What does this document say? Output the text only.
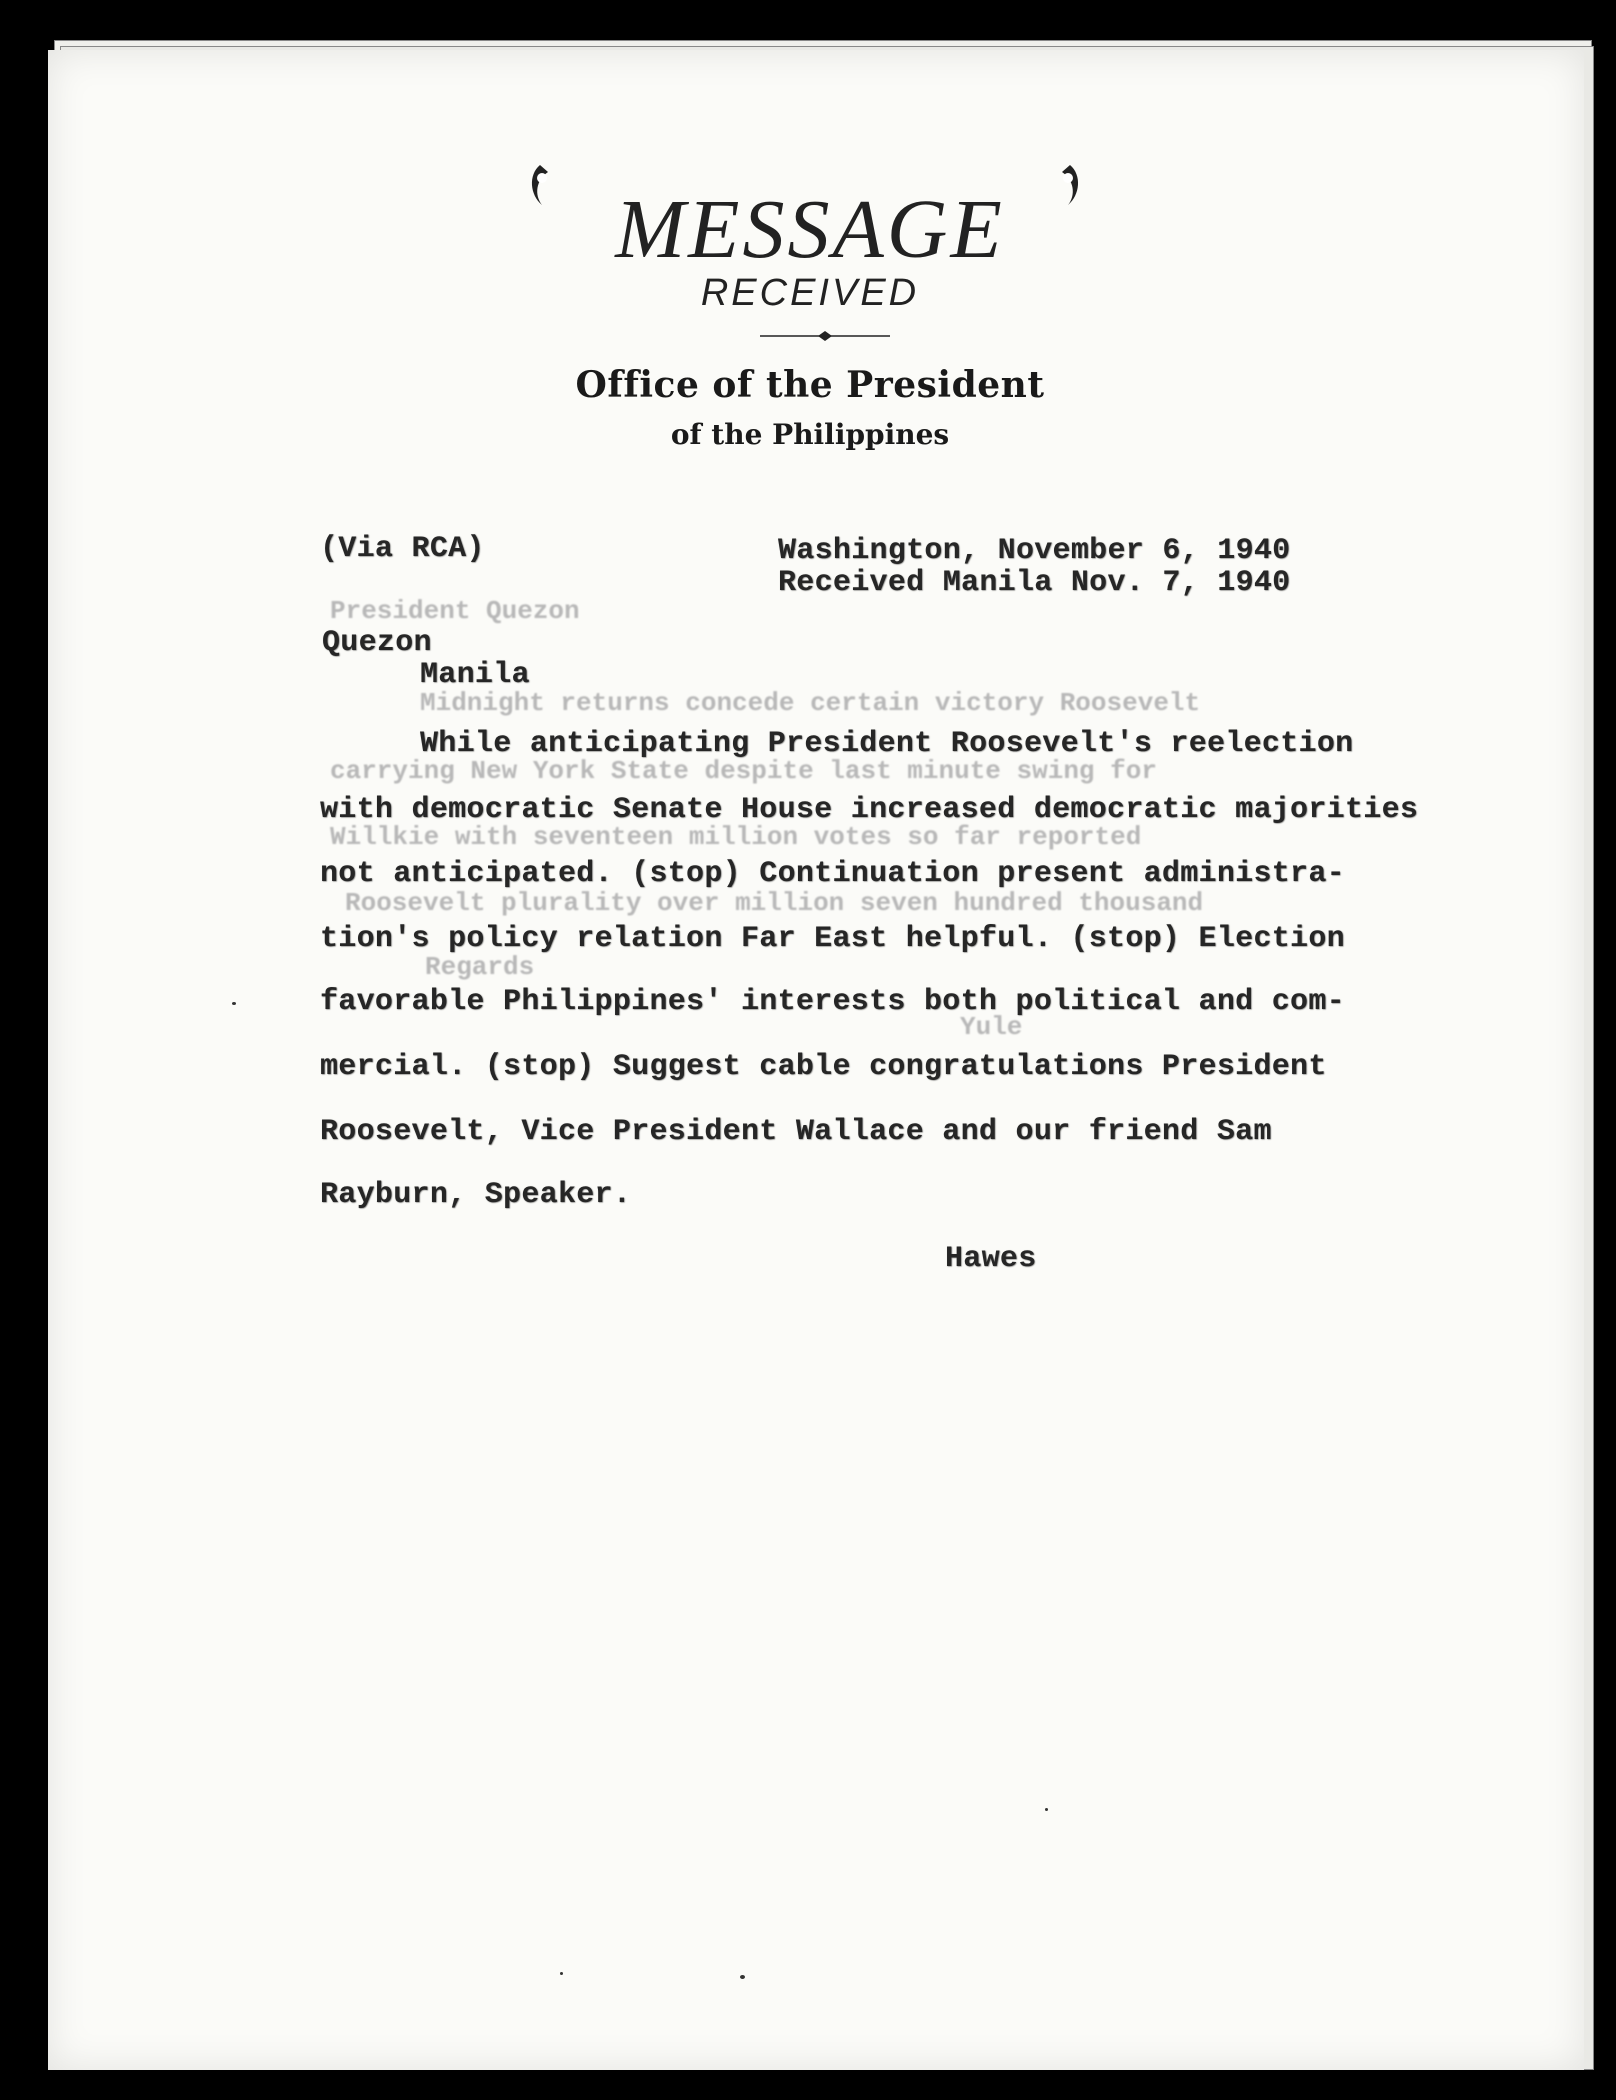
MESSAGE
RECEIVED
Office of the President
of the Philippines
President Quezon
Midnight returns concede certain victory Roosevelt
carrying New York State despite last minute swing for
Willkie with seventeen million votes so far reported
Roosevelt plurality over million seven hundred thousand
Regards
Yule
(Via RCA)	Washington, November 6, 1940
Received Manila Nov. 7, 1940
Quezon
Manila
While anticipating President Roosevelt's reelection
with democratic Senate House increased democratic majorities
not anticipated. (stop) Continuation present administra-
tion's policy relation Far East helpful. (stop) Election
favorable Philippines' interests both political and com-
mercial. (stop) Suggest cable congratulations President
Roosevelt, Vice President Wallace and our friend Sam
Rayburn, Speaker.
Hawes
